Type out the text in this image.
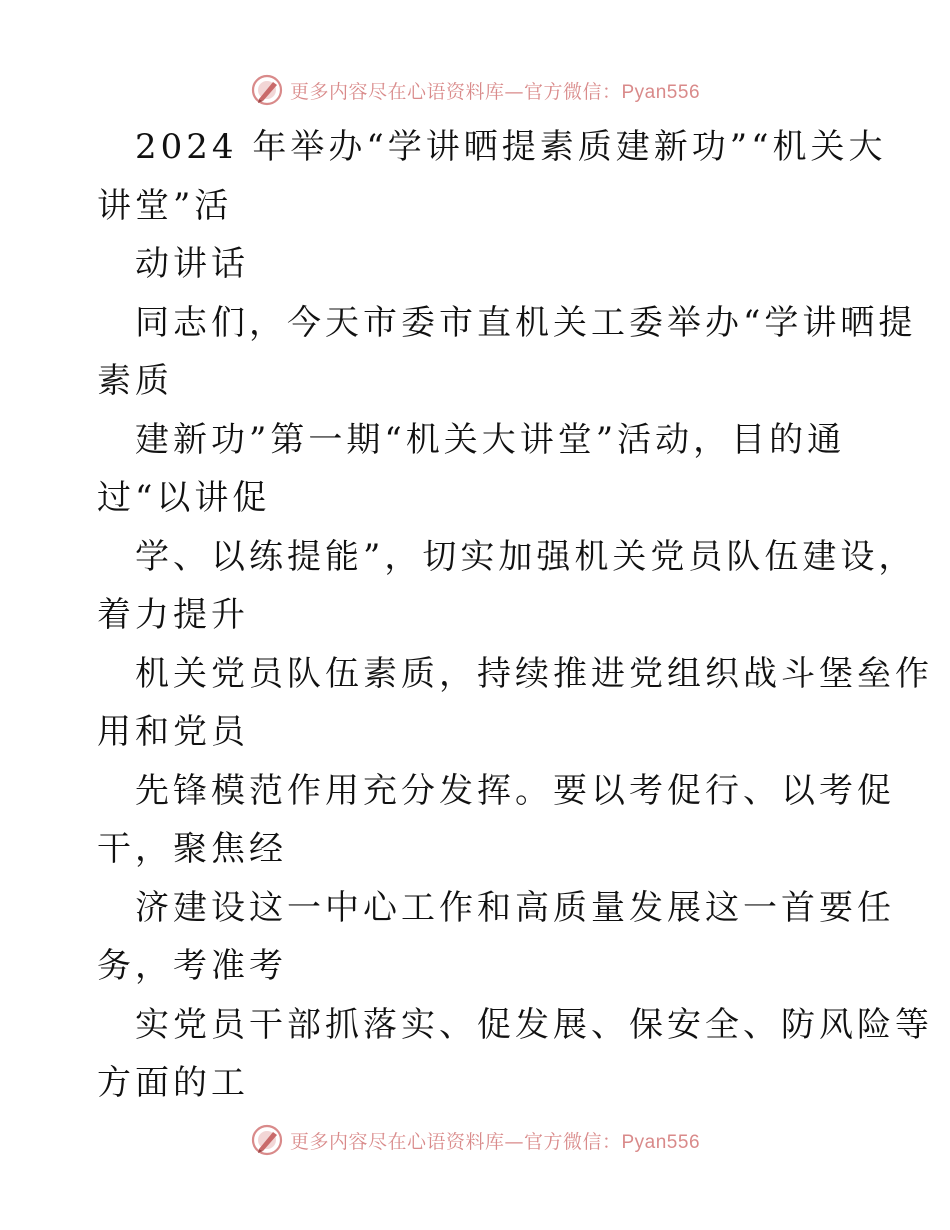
更多内容尽在心语资料库—官方微信：Pyan556
2024 年举办“学讲晒提素质建新功”“机关大
讲堂”活
动讲话
同志们，今天市委市直机关工委举办“学讲晒提
素质
建新功”第一期“机关大讲堂”活动，目的通
过“以讲促
学、以练提能”，切实加强机关党员队伍建设，
着力提升
机关党员队伍素质，持续推进党组织战斗堡垒作
用和党员
先锋模范作用充分发挥。要以考促行、以考促
干，聚焦经
济建设这一中心工作和高质量发展这一首要任
务，考准考
实党员干部抓落实、促发展、保安全、防风险等
方面的工
更多内容尽在心语资料库—官方微信：Pyan556
